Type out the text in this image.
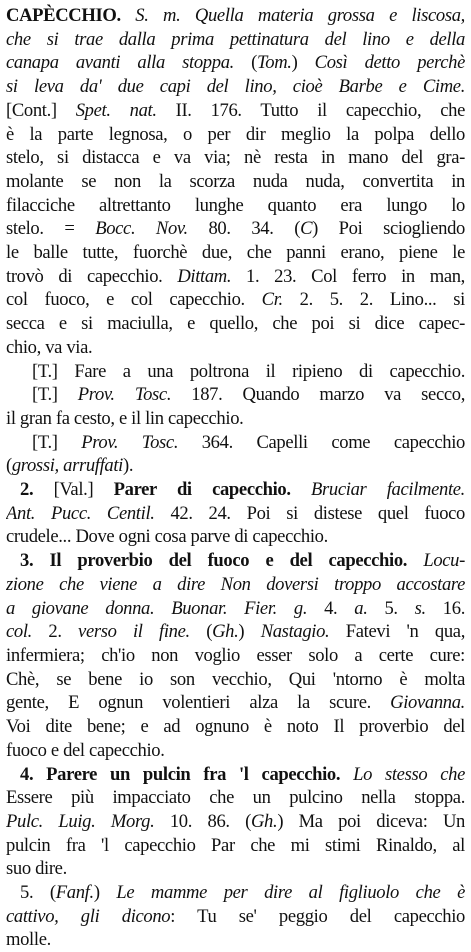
CAPÈCCHIO. S. m. Quella materia grossa e liscosa,
che si trae dalla prima pettinatura del lino e della
canapa avanti alla stoppa. (Tom.) Così detto perchè
si leva da' due capi del lino, cioè Barbe e Cime.
[Cont.] Spet. nat. II. 176. Tutto il capecchio, che
è la parte legnosa, o per dir meglio la polpa dello
stelo, si distacca e va via; nè resta in mano del gra-
molante se non la scorza nuda nuda, convertita in
filacciche altrettanto lunghe quanto era lungo lo
stelo. = Bocc. Nov. 80. 34. (C) Poi sciogliendo
le balle tutte, fuorchè due, che panni erano, piene le
trovò di capecchio. Dittam. 1. 23. Col ferro in man,
col fuoco, e col capecchio. Cr. 2. 5. 2. Lino... si
secca e si maciulla, e quello, che poi si dice capec-
chio, va via.
[T.] Fare a una poltrona il ripieno di capecchio.
[T.] Prov. Tosc. 187. Quando marzo va secco,
il gran fa cesto, e il lin capecchio.
[T.] Prov. Tosc. 364. Capelli come capecchio
(grossi, arruffati).
2. [Val.] Parer di capecchio. Bruciar facilmente.
Ant. Pucc. Centil. 42. 24. Poi si distese quel fuoco
crudele... Dove ogni cosa parve di capecchio.
3. Il proverbio del fuoco e del capecchio. Locu-
zione che viene a dire Non doversi troppo accostare
a giovane donna. Buonar. Fier. g. 4. a. 5. s. 16.
col. 2. verso il fine. (Gh.) Nastagio. Fatevi 'n qua,
infermiera; ch'io non voglio esser solo a certe cure:
Chè, se bene io son vecchio, Qui 'ntorno è molta
gente, E ognun volentieri alza la scure. Giovanna.
Voi dite bene; e ad ognuno è noto Il proverbio del
fuoco e del capecchio.
4. Parere un pulcin fra 'l capecchio. Lo stesso che
Essere più impacciato che un pulcino nella stoppa.
Pulc. Luig. Morg. 10. 86. (Gh.) Ma poi diceva: Un
pulcin fra 'l capecchio Par che mi stimi Rinaldo, al
suo dire.
5. (Fanf.) Le mamme per dire al figliuolo che è
cattivo, gli dicono: Tu se' peggio del capecchio
molle.
